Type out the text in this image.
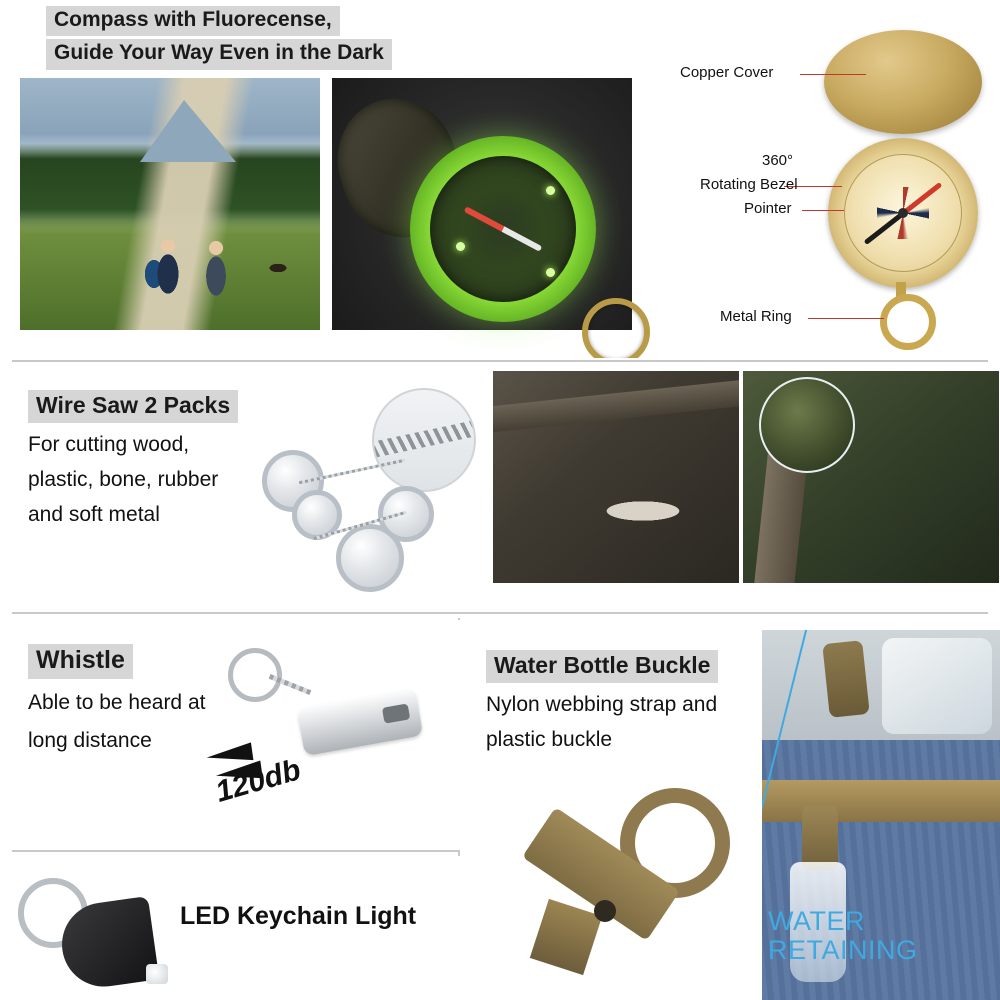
Compass with Fluorecense,
Guide Your Way Even in the Dark
Copper Cover
360°
Rotating Bezel
Pointer
Metal Ring
Wire Saw 2 Packs
For cutting wood,
plastic, bone, rubber
and soft metal
Whistle
Able to be heard at
long distance
120db
LED Keychain Light
Water Bottle Buckle
Nylon webbing strap and
plastic buckle
WATER
RETAINING
